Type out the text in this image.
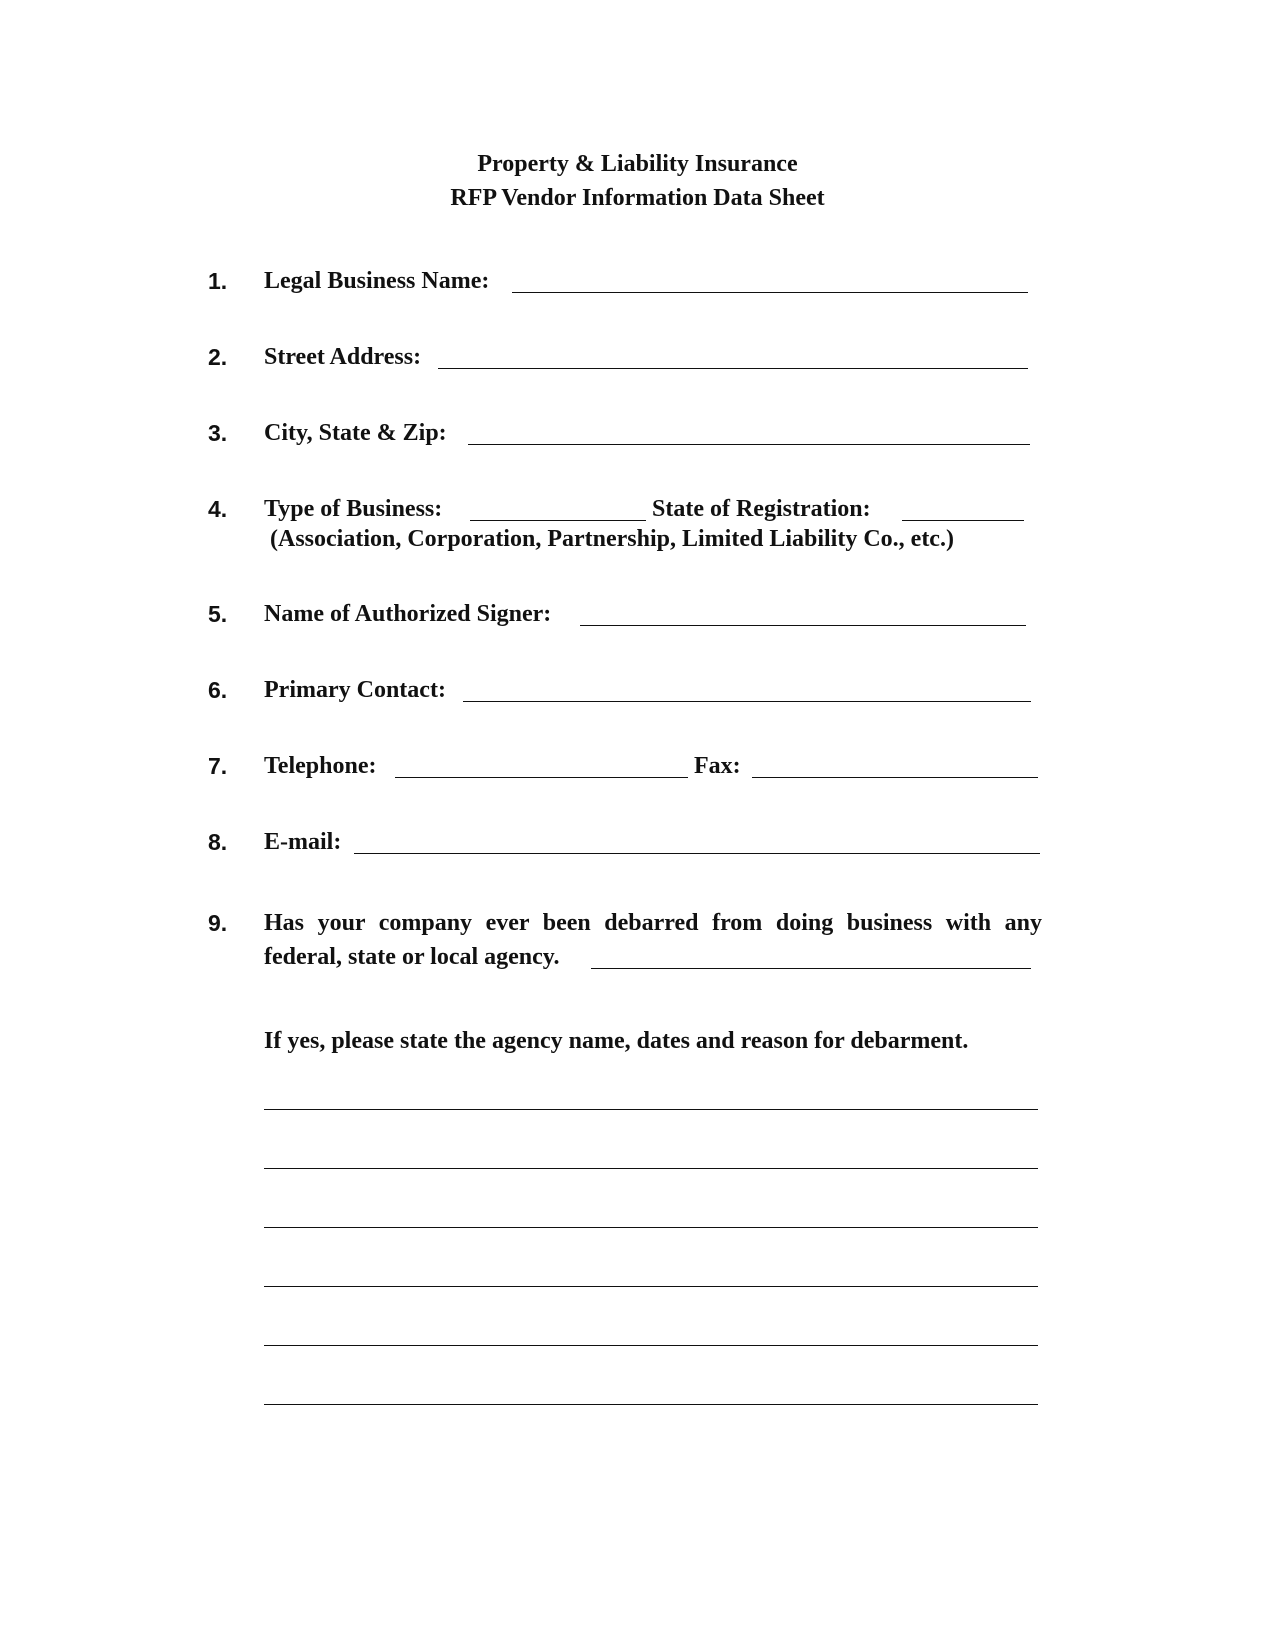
Property & Liability Insurance
RFP Vendor Information Data Sheet
1. Legal Business Name:
2. Street Address:
3. City, State & Zip:
4. Type of Business:	State of Registration:
(Association, Corporation, Partnership, Limited Liability Co., etc.)
5. Name of Authorized Signer:
6. Primary Contact:
7. Telephone:	Fax:
8. E-mail:
9. Has your company ever been debarred from doing business with any
federal, state or local agency.
If yes, please state the agency name, dates and reason for debarment.
